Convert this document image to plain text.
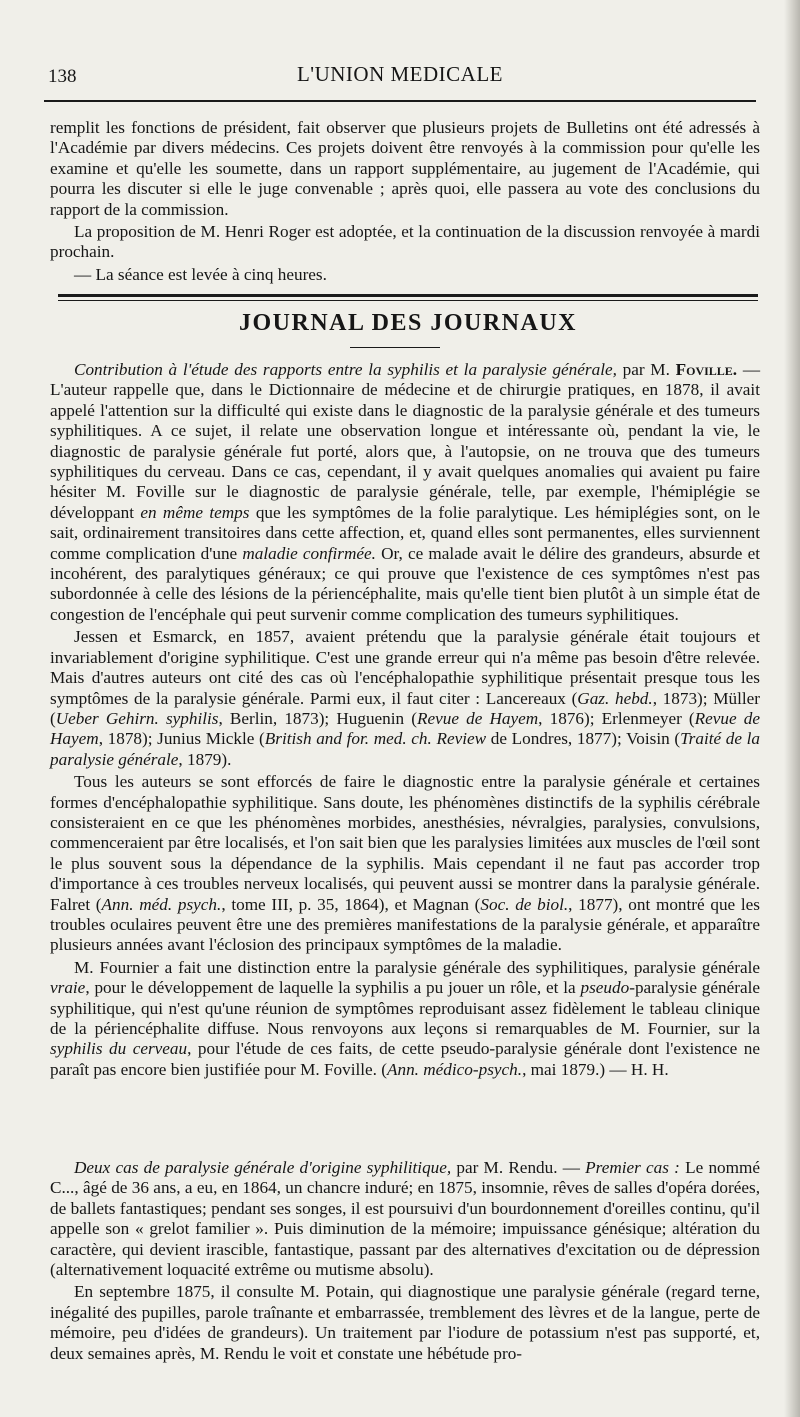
138	L'UNION MEDICALE

remplit les fonctions de président, fait observer que plusieurs projets de Bulletins ont été adressés à l'Académie par divers médecins. Ces projets doivent être renvoyés à la commission pour qu'elle les examine et qu'elle les soumette, dans un rapport supplémentaire, au jugement de l'Académie, qui pourra les discuter si elle le juge convenable ; après quoi, elle passera au vote des conclusions du rapport de la commission.

La proposition de M. Henri Roger est adoptée, et la continuation de la discussion renvoyée à mardi prochain.

— La séance est levée à cinq heures.

JOURNAL DES JOURNAUX

Contribution à l'étude des rapports entre la syphilis et la paralysie générale, par M. Foville. — L'auteur rappelle que, dans le Dictionnaire de médecine et de chirurgie pratiques, en 1878, il avait appelé l'attention sur la difficulté qui existe dans le diagnostic de la paralysie générale et des tumeurs syphilitiques. A ce sujet, il relate une observation longue et intéressante où, pendant la vie, le diagnostic de paralysie générale fut porté, alors que, à l'autopsie, on ne trouva que des tumeurs syphilitiques du cerveau. Dans ce cas, cependant, il y avait quelques anomalies qui avaient pu faire hésiter M. Foville sur le diagnostic de paralysie générale, telle, par exemple, l'hémiplégie se développant en même temps que les symptômes de la folie paralytique. Les hémiplégies sont, on le sait, ordinairement transitoires dans cette affection, et, quand elles sont permanentes, elles surviennent comme complication d'une maladie confirmée. Or, ce malade avait le délire des grandeurs, absurde et incohérent, des paralytiques généraux; ce qui prouve que l'existence de ces symptômes n'est pas subordonnée à celle des lésions de la périencéphalite, mais qu'elle tient bien plutôt à un simple état de congestion de l'encéphale qui peut survenir comme complication des tumeurs syphilitiques.

Jessen et Esmarck, en 1857, avaient prétendu que la paralysie générale était toujours et invariablement d'origine syphilitique. C'est une grande erreur qui n'a même pas besoin d'être relevée. Mais d'autres auteurs ont cité des cas où l'encéphalopathie syphilitique présentait presque tous les symptômes de la paralysie générale. Parmi eux, il faut citer : Lancereaux (Gaz. hebd., 1873); Müller (Ueber Gehirn. syphilis, Berlin, 1873); Huguenin (Revue de Hayem, 1876); Erlenmeyer (Revue de Hayem, 1878); Junius Mickle (British and for. med. ch. Review de Londres, 1877); Voisin (Traité de la paralysie générale, 1879).

Tous les auteurs se sont efforcés de faire le diagnostic entre la paralysie générale et certaines formes d'encéphalopathie syphilitique. Sans doute, les phénomènes distinctifs de la syphilis cérébrale consisteraient en ce que les phénomènes morbides, anesthésies, névralgies, paralysies, convulsions, commenceraient par être localisés, et l'on sait bien que les paralysies limitées aux muscles de l'œil sont le plus souvent sous la dépendance de la syphilis. Mais cependant il ne faut pas accorder trop d'importance à ces troubles nerveux localisés, qui peuvent aussi se montrer dans la paralysie générale. Falret (Ann. méd. psych., tome III, p. 35, 1864), et Magnan (Soc. de biol., 1877), ont montré que les troubles oculaires peuvent être une des premières manifestations de la paralysie générale, et apparaître plusieurs années avant l'éclosion des principaux symptômes de la maladie.

M. Fournier a fait une distinction entre la paralysie générale des syphilitiques, paralysie générale vraie, pour le développement de laquelle la syphilis a pu jouer un rôle, et la pseudo-paralysie générale syphilitique, qui n'est qu'une réunion de symptômes reproduisant assez fidèlement le tableau clinique de la périencéphalite diffuse. Nous renvoyons aux leçons si remarquables de M. Fournier, sur la syphilis du cerveau, pour l'étude de ces faits, de cette pseudo-paralysie générale dont l'existence ne paraît pas encore bien justifiée pour M. Foville. (Ann. médico-psych., mai 1879.) — H. H.

Deux cas de paralysie générale d'origine syphilitique, par M. Rendu. — Premier cas : Le nommé C..., âgé de 36 ans, a eu, en 1864, un chancre induré; en 1875, insomnie, rêves de salles d'opéra dorées, de ballets fantastiques; pendant ses songes, il est poursuivi d'un bourdonnement d'oreilles continu, qu'il appelle son « grelot familier ». Puis diminution de la mémoire; impuissance génésique; altération du caractère, qui devient irascible, fantastique, passant par des alternatives d'excitation ou de dépression (alternativement loquacité extrême ou mutisme absolu).

En septembre 1875, il consulte M. Potain, qui diagnostique une paralysie générale (regard terne, inégalité des pupilles, parole traînante et embarrassée, tremblement des lèvres et de la langue, perte de mémoire, peu d'idées de grandeurs). Un traitement par l'iodure de potassium n'est pas supporté, et, deux semaines après, M. Rendu le voit et constate une hébétude pro-
